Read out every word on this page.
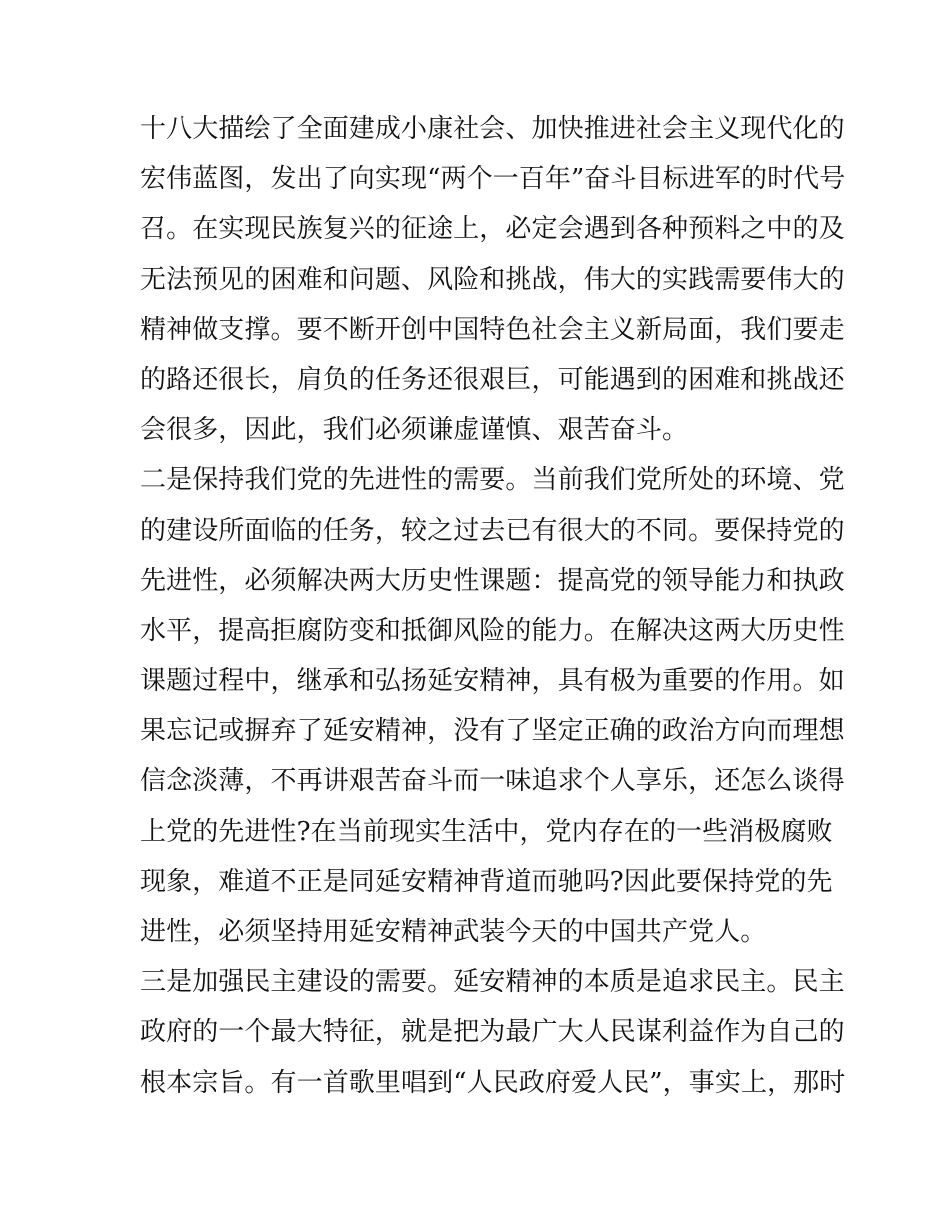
十八大描绘了全面建成小康社会、加快推进社会主义现代化的
宏伟蓝图，发出了向实现“两个一百年”奋斗目标进军的时代号
召。在实现民族复兴的征途上，必定会遇到各种预料之中的及
无法预见的困难和问题、风险和挑战，伟大的实践需要伟大的
精神做支撑。要不断开创中国特色社会主义新局面，我们要走
的路还很长，肩负的任务还很艰巨，可能遇到的困难和挑战还
会很多，因此，我们必须谦虚谨慎、艰苦奋斗。
二是保持我们党的先进性的需要。当前我们党所处的环境、党
的建设所面临的任务，较之过去已有很大的不同。要保持党的
先进性，必须解决两大历史性课题：提高党的领导能力和执政
水平，提高拒腐防变和抵御风险的能力。在解决这两大历史性
课题过程中，继承和弘扬延安精神，具有极为重要的作用。如
果忘记或摒弃了延安精神，没有了坚定正确的政治方向而理想
信念淡薄，不再讲艰苦奋斗而一味追求个人享乐，还怎么谈得
上党的先进性?在当前现实生活中，党内存在的一些消极腐败
现象，难道不正是同延安精神背道而驰吗?因此要保持党的先
进性，必须坚持用延安精神武装今天的中国共产党人。
三是加强民主建设的需要。延安精神的本质是追求民主。民主
政府的一个最大特征，就是把为最广大人民谋利益作为自己的
根本宗旨。有一首歌里唱到“人民政府爱人民”，事实上，那时
